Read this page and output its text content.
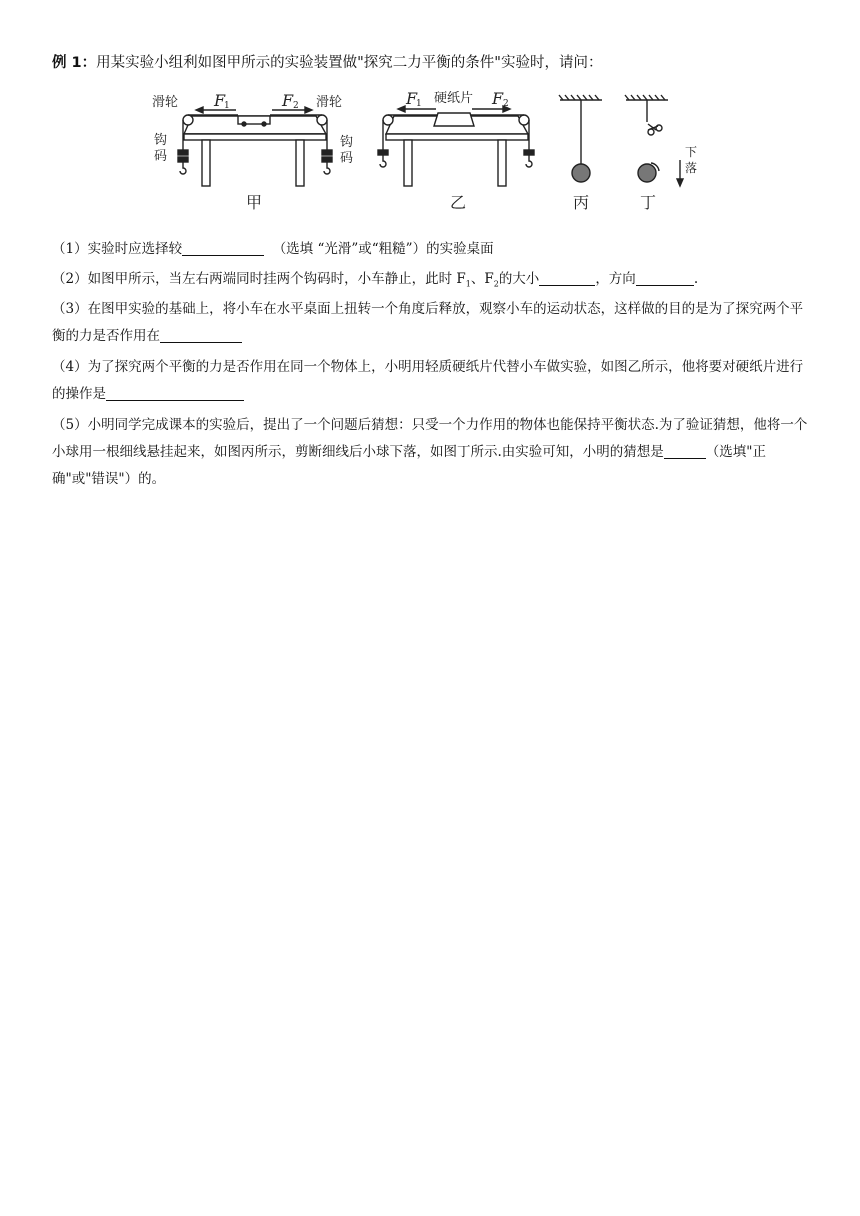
例 1：用某实验小组利如图甲所示的实验装置做"探究二力平衡的条件"实验时，请问：
滑轮	滑轮
F
1	F 2
钩
码
钩
码
甲
F
1 硬纸片 F 2
乙	丙
下
落
丁
（1）实验时应选择较	（选填 “光滑”或“粗糙”）的实验桌面
（2）如图甲所示，当左右两端同时挂两个钩码时，小车静止，此时 $F_1$、$F_2$的大小	，方向	.
（3）在图甲实验的基础上，将小车在水平桌面上扭转一个角度后释放，观察小车的运动状态，这样做的目的是为了探究两个平衡的力是否作用在
（4）为了探究两个平衡的力是否作用在同一个物体上，小明用轻质硬纸片代替小车做实验，如图乙所示，他将要对硬纸片进行的操作是
（5）小明同学完成课本的实验后，提出了一个问题后猜想：只受一个力作用的物体也能保持平衡状态.为了验证猜想，他将一个小球用一根细线悬挂起来，如图丙所示，剪断细线后小球下落，如图丁所示.由实验可知，小明的猜想是	（选填"正确"或"错误"）的。
